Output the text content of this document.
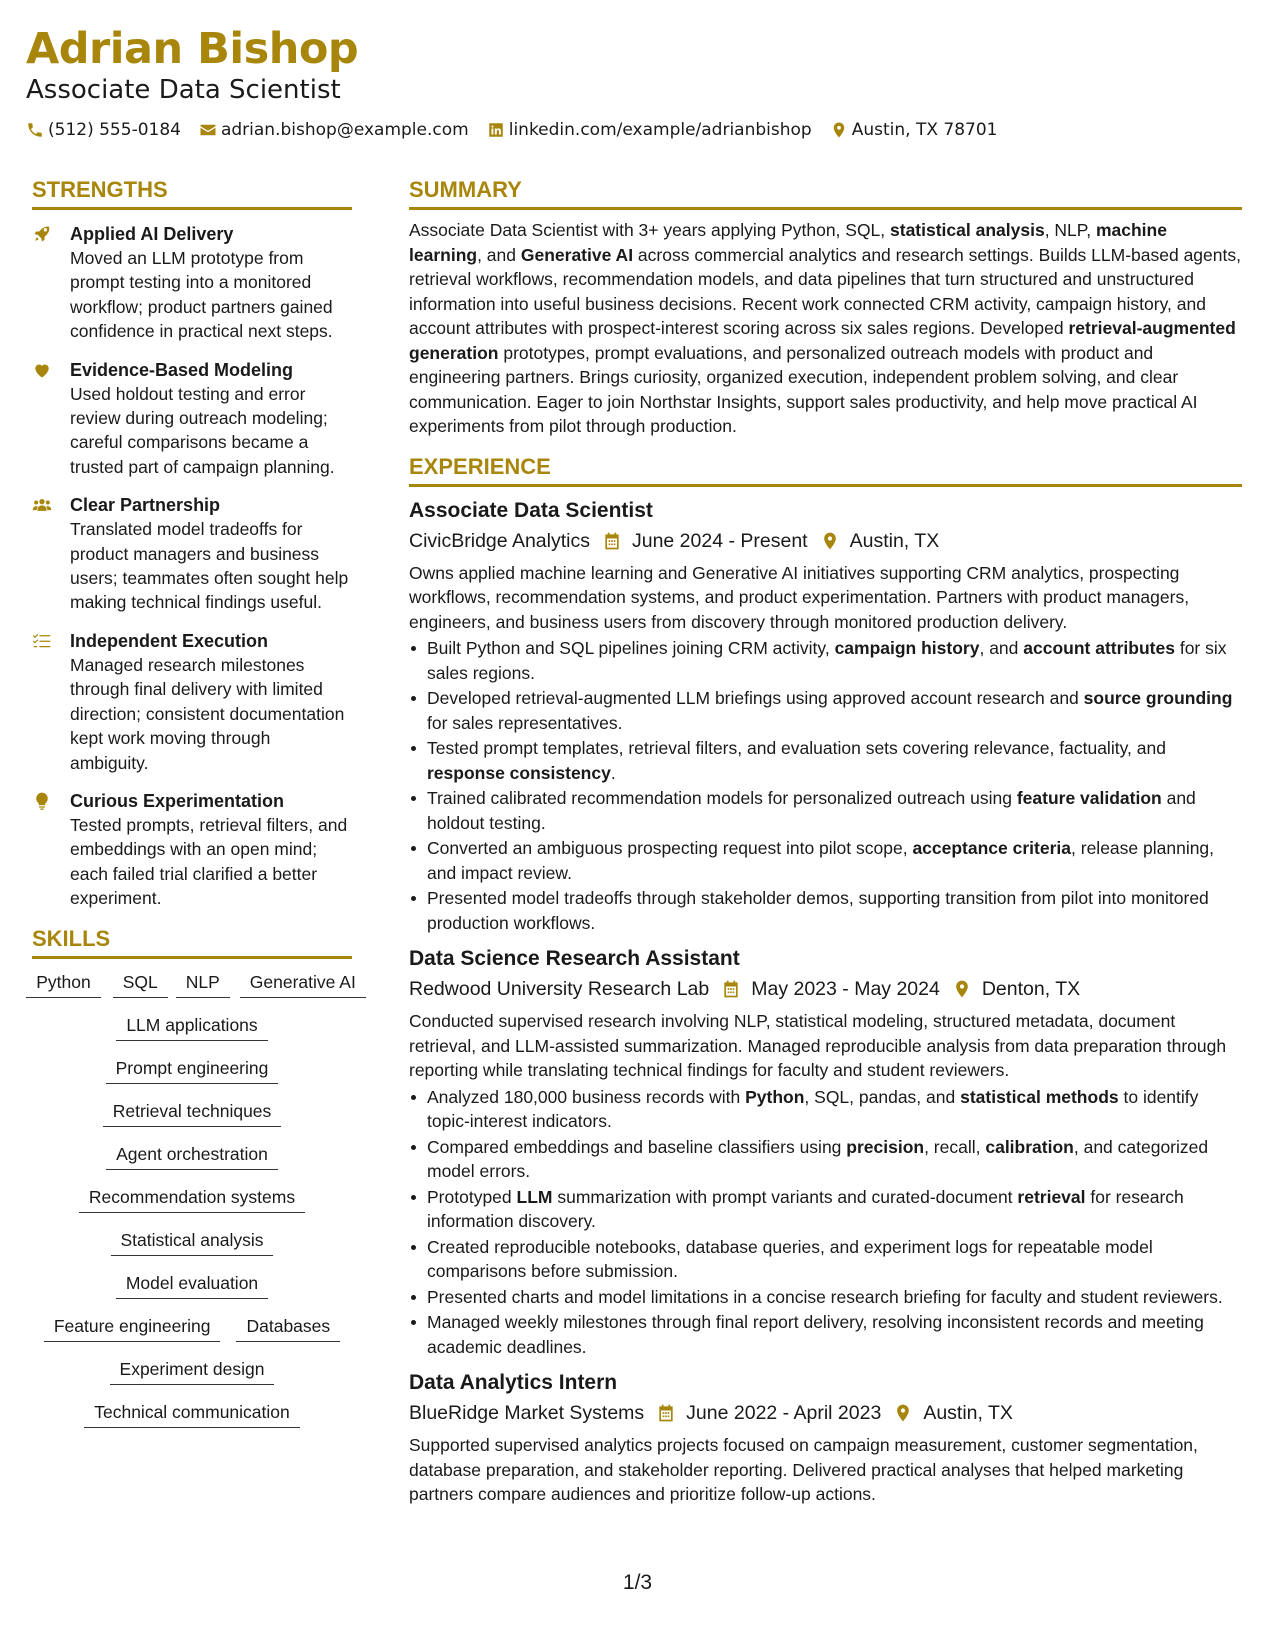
Adrian Bishop
Associate Data Scientist
(512) 555-0184 adrian.bishop@example.com linkedin.com/example/adrianbishop Austin, TX 78701
STRENGTHS
Applied AI Delivery
Moved an LLM prototype from prompt testing into a monitored workflow; product partners gained confidence in practical next steps.
Evidence-Based Modeling
Used holdout testing and error review during outreach modeling; careful comparisons became a trusted part of campaign planning.
Clear Partnership
Translated model tradeoffs for product managers and business users; teammates often sought help making technical findings useful.
Independent Execution
Managed research milestones through final delivery with limited direction; consistent documentation kept work moving through ambiguity.
Curious Experimentation
Tested prompts, retrieval filters, and embeddings with an open mind; each failed trial clarified a better experiment.
SKILLS
Python	SQL	NLP	Generative AI
LLM applications
Prompt engineering
Retrieval techniques
Agent orchestration
Recommendation systems
Statistical analysis
Model evaluation
Feature engineering	Databases
Experiment design
Technical communication
SUMMARY
Associate Data Scientist with 3+ years applying Python, SQL, statistical analysis, NLP, machine learning, and Generative AI across commercial analytics and research settings. Builds LLM-based agents, retrieval workflows, recommendation models, and data pipelines that turn structured and unstructured information into useful business decisions. Recent work connected CRM activity, campaign history, and account attributes with prospect-interest scoring across six sales regions. Developed retrieval-augmented generation prototypes, prompt evaluations, and personalized outreach models with product and engineering partners. Brings curiosity, organized execution, independent problem solving, and clear communication. Eager to join Northstar Insights, support sales productivity, and help move practical AI experiments from pilot through production.
EXPERIENCE
Associate Data Scientist
CivicBridge Analytics June 2024 - Present Austin, TX
Owns applied machine learning and Generative AI initiatives supporting CRM analytics, prospecting workflows, recommendation systems, and product experimentation. Partners with product managers, engineers, and business users from discovery through monitored production delivery.
Built Python and SQL pipelines joining CRM activity, campaign history, and account attributes for six sales regions.
Developed retrieval-augmented LLM briefings using approved account research and source grounding for sales representatives.
Tested prompt templates, retrieval filters, and evaluation sets covering relevance, factuality, and response consistency.
Trained calibrated recommendation models for personalized outreach using feature validation and holdout testing.
Converted an ambiguous prospecting request into pilot scope, acceptance criteria, release planning, and impact review.
Presented model tradeoffs through stakeholder demos, supporting transition from pilot into monitored production workflows.
Data Science Research Assistant
Redwood University Research Lab May 2023 - May 2024 Denton, TX
Conducted supervised research involving NLP, statistical modeling, structured metadata, document retrieval, and LLM-assisted summarization. Managed reproducible analysis from data preparation through reporting while translating technical findings for faculty and student reviewers.
Analyzed 180,000 business records with Python, SQL, pandas, and statistical methods to identify topic-interest indicators.
Compared embeddings and baseline classifiers using precision, recall, calibration, and categorized model errors.
Prototyped LLM summarization with prompt variants and curated-document retrieval for research information discovery.
Created reproducible notebooks, database queries, and experiment logs for repeatable model comparisons before submission.
Presented charts and model limitations in a concise research briefing for faculty and student reviewers.
Managed weekly milestones through final report delivery, resolving inconsistent records and meeting academic deadlines.
Data Analytics Intern
BlueRidge Market Systems June 2022 - April 2023 Austin, TX
Supported supervised analytics projects focused on campaign measurement, customer segmentation, database preparation, and stakeholder reporting. Delivered practical analyses that helped marketing partners compare audiences and prioritize follow-up actions.
1/3
